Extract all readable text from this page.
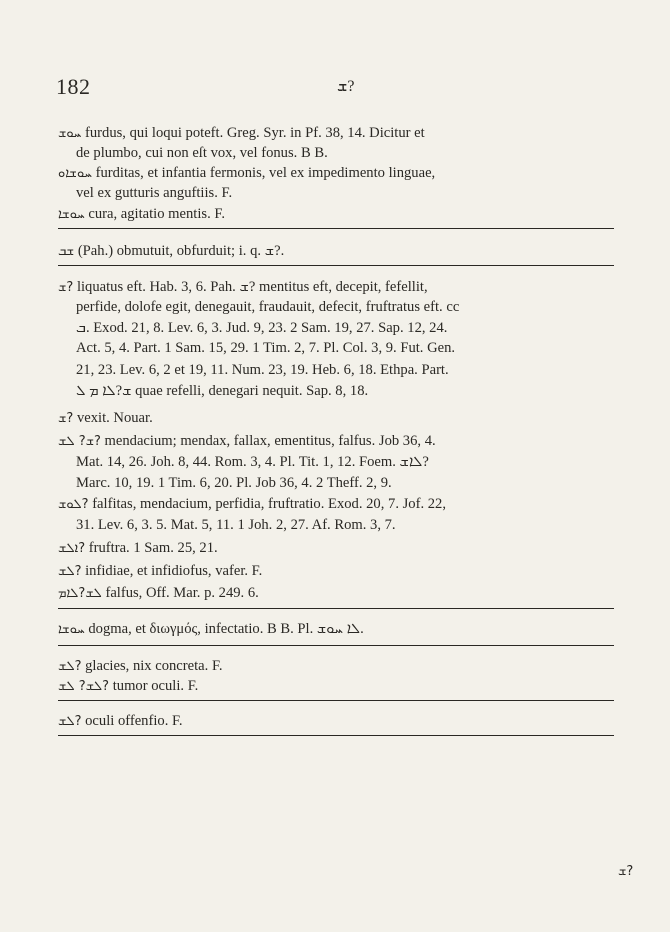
182	ܫ?
ܚܘܫ furdus, qui loqui poteft. Greg. Syr. in Pf. 38, 14. Dicitur et
de plumbo, cui non eſt vox, vel fonus. B B.
ܚܘܫܐܘ furditas, et infantia fermonis, vel ex impedimento linguae,
vel ex gutturis anguftiis. F.
ܚܘܫܐ cura, agitatio mentis. F.
ܫܒ (Pah.) obmutuit, obfurduit; i. q. ܫ?.
ܫ? liquatus eft. Hab. 3, 6. Pah. ܫ? mentitus eft, decepit, fefellit,
perfide, dolofe egit, denegauit, fraudauit, defecit, fruftratus eft. cc
ܒ. Exod. 21, 8. Lev. 6, 3. Jud. 9, 23. 2 Sam. 19, 27. Sap. 12, 24.
Act. 5, 4. Part. 1 Sam. 15, 29. 1 Tim. 2, 7. Pl. Col. 3, 9. Fut. Gen.
21, 23. Lev. 6, 2 et 19, 11. Num. 23, 19. Heb. 6, 18. Ethpa. Part.
ܫ?ܠܐ ܡ ܠ quae refelli, denegari nequit. Sap. 8, 18.
ܫ? vexit. Nouar.
ܫ? ܠܫ? mendacium; mendax, fallax, ementitus, falfus. Job 36, 4.
Mat. 14, 26. Joh. 8, 44. Rom. 3, 4. Pl. Tit. 1, 12. Foem. ܠܐܫ?
Marc. 10, 19. 1 Tim. 6, 20. Pl. Job 36, 4. 2 Theff. 2, 9.
ܠܘܫ? falfitas, mendacium, perfidia, fruftratio. Exod. 20, 7. Jof. 22,
31. Lev. 6, 3. 5. Mat. 5, 11. 1 Joh. 2, 27. Af. Rom. 3, 7.
ܐܠܫ? fruftra. 1 Sam. 25, 21.
ܠܫ? infidiae, et infidiofus, vafer. F.
ܠܫ?ܠܐܡ falfus, Off. Mar. p. 249. 6.
ܚܘܫܐ dogma, et διωγμός, infectatio. B B. Pl. ܠܐ ܚܘܫ.
ܠܫ? glacies, nix concreta. F.
ܠܫ? ܠܫ? tumor oculi. F.
ܠܫ? oculi offenfio. F.
ܫ?
